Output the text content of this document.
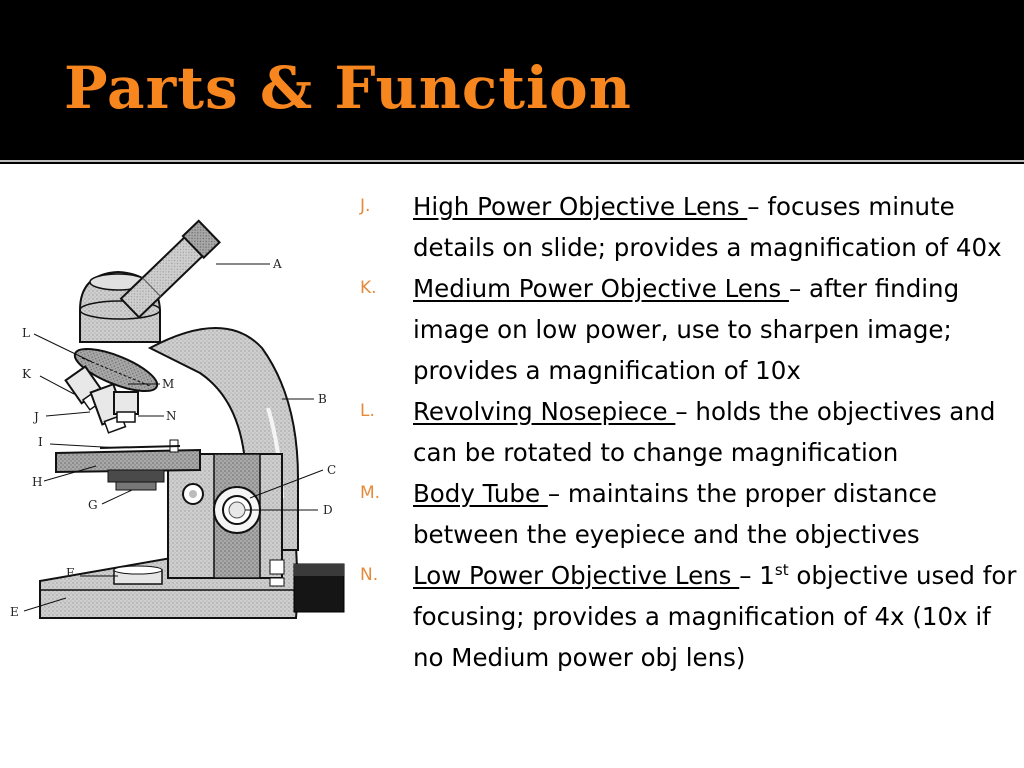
Parts & Function
A
B
C
D
E
F
G
H
I
J
K
L
M
N
J. High Power Objective Lens – focuses minute details on slide; provides a magnification of 40x
K. Medium Power Objective Lens – after finding image on low power, use to sharpen image; provides a magnification of 10x
L. Revolving Nosepiece – holds the objectives and can be rotated to change magnification
M. Body Tube – maintains the proper distance between the eyepiece and the objectives
N. Low Power Objective Lens – 1st objective used for focusing; provides a magnification of 4x (10x if no Medium power obj lens)
